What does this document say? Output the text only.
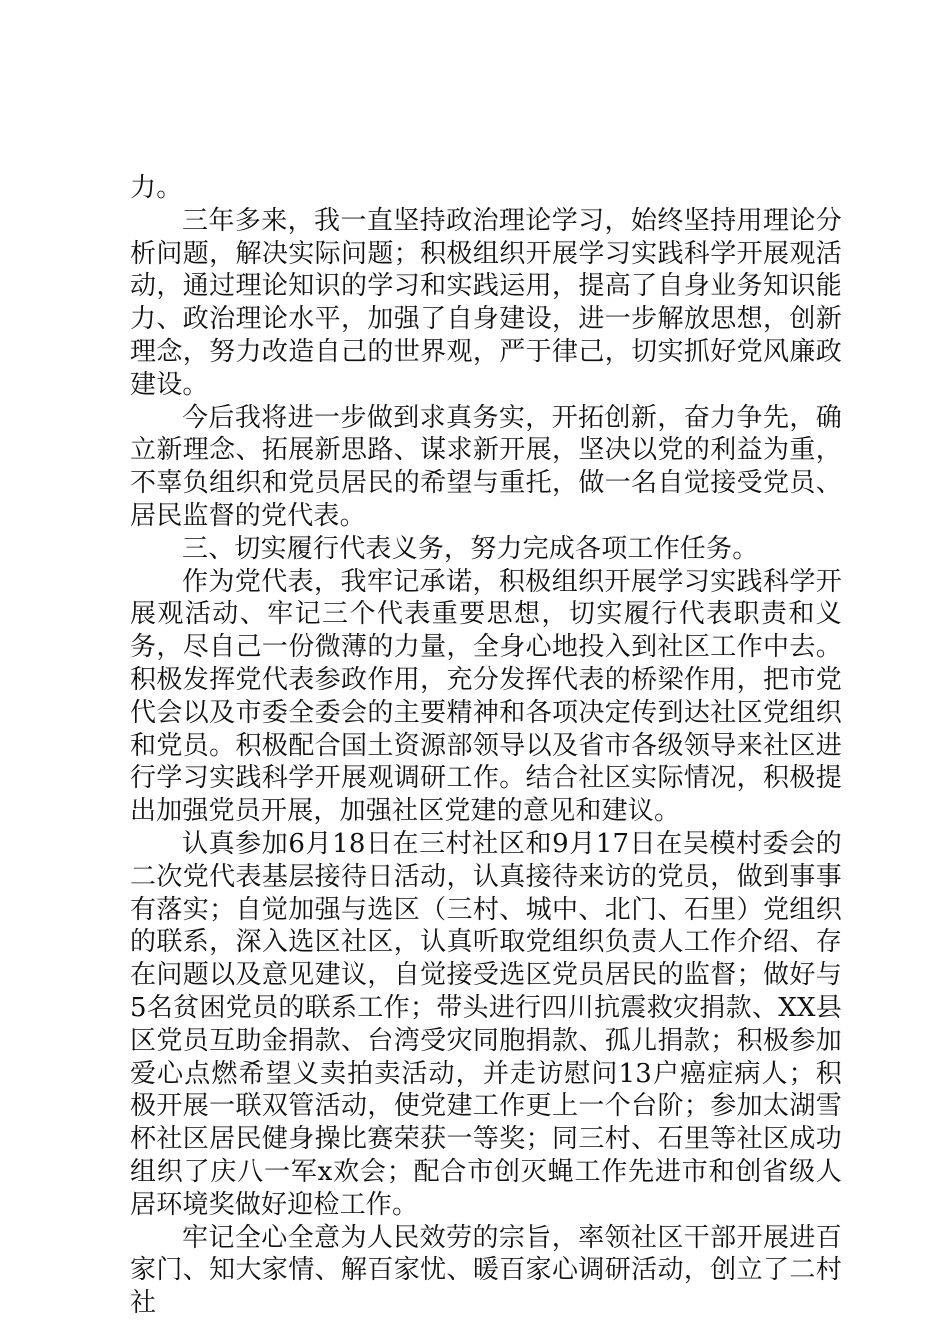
力。

三年多来，我一直坚持政治理论学习，始终坚持用理论分析问题，解决实际问题；积极组织开展学习实践科学开展观活动，通过理论知识的学习和实践运用，提高了自身业务知识能力、政治理论水平，加强了自身建设，进一步解放思想，创新理念，努力改造自己的世界观，严于律己，切实抓好党风廉政建设。

今后我将进一步做到求真务实，开拓创新，奋力争先，确立新理念、拓展新思路、谋求新开展，坚决以党的利益为重，不辜负组织和党员居民的希望与重托，做一名自觉接受党员、居民监督的党代表。

三、切实履行代表义务，努力完成各项工作任务。

作为党代表，我牢记承诺，积极组织开展学习实践科学开展观活动、牢记三个代表重要思想，切实履行代表职责和义务，尽自己一份微薄的力量，全身心地投入到社区工作中去。积极发挥党代表参政作用，充分发挥代表的桥梁作用，把市党代会以及市委全委会的主要精神和各项决定传到达社区党组织和党员。积极配合国土资源部领导以及省市各级领导来社区进行学习实践科学开展观调研工作。结合社区实际情况，积极提出加强党员开展，加强社区党建的意见和建议。

认真参加6月18日在三村社区和9月17日在吴模村委会的二次党代表基层接待日活动，认真接待来访的党员，做到事事有落实；自觉加强与选区（三村、城中、北门、石里）党组织的联系，深入选区社区，认真听取党组织负责人工作介绍、存在问题以及意见建议，自觉接受选区党员居民的监督；做好与5名贫困党员的联系工作；带头进行四川抗震救灾捐款、XX县区党员互助金捐款、台湾受灾同胞捐款、孤儿捐款；积极参加爱心点燃希望义卖拍卖活动，并走访慰问13户癌症病人；积极开展一联双管活动，使党建工作更上一个台阶；参加太湖雪杯社区居民健身操比赛荣获一等奖；同三村、石里等社区成功组织了庆八一军x欢会；配合市创灭蝇工作先进市和创省级人居环境奖做好迎检工作。

牢记全心全意为人民效劳的宗旨，率领社区干部开展进百家门、知大家情、解百家忧、暖百家心调研活动，创立了二村社
